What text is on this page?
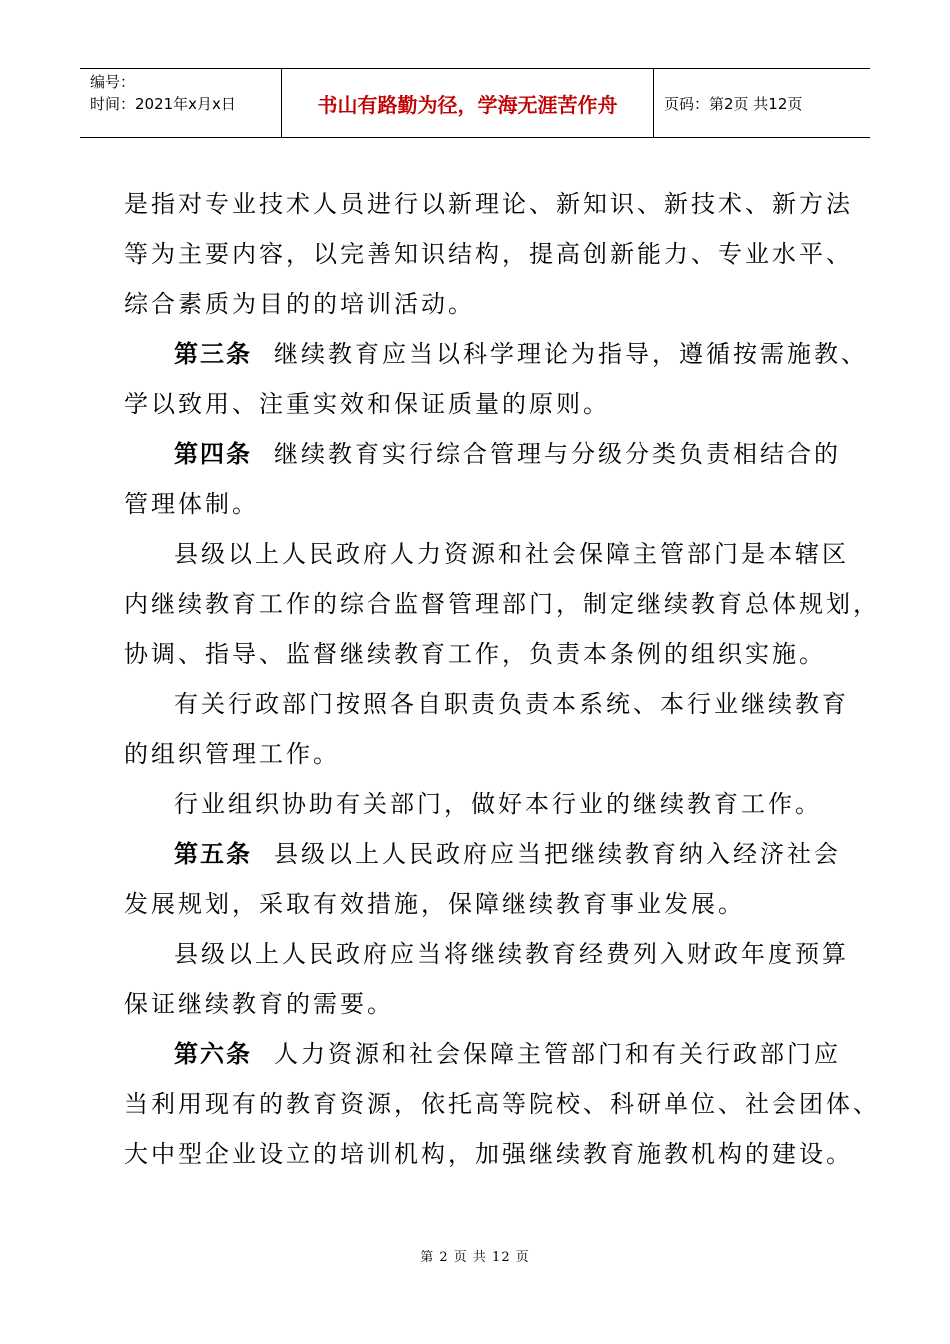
编号：
时间：2021年x月x日	书山有路勤为径，学海无涯苦作舟	页码：第2页 共12页
是指对专业技术人员进行以新理论、新知识、新技术、新方法
等为主要内容，以完善知识结构，提高创新能力、专业水平、
综合素质为目的的培训活动。
第三条 继续教育应当以科学理论为指导，遵循按需施教、
学以致用、注重实效和保证质量的原则。
第四条 继续教育实行综合管理与分级分类负责相结合的
管理体制。
县级以上人民政府人力资源和社会保障主管部门是本辖区
内继续教育工作的综合监督管理部门，制定继续教育总体规划，
协调、指导、监督继续教育工作，负责本条例的组织实施。
有关行政部门按照各自职责负责本系统、本行业继续教育
的组织管理工作。
行业组织协助有关部门，做好本行业的继续教育工作。
第五条 县级以上人民政府应当把继续教育纳入经济社会
发展规划，采取有效措施，保障继续教育事业发展。
县级以上人民政府应当将继续教育经费列入财政年度预算
保证继续教育的需要。
第六条 人力资源和社会保障主管部门和有关行政部门应
当利用现有的教育资源，依托高等院校、科研单位、社会团体、
大中型企业设立的培训机构，加强继续教育施教机构的建设。
第 2 页 共 12 页
